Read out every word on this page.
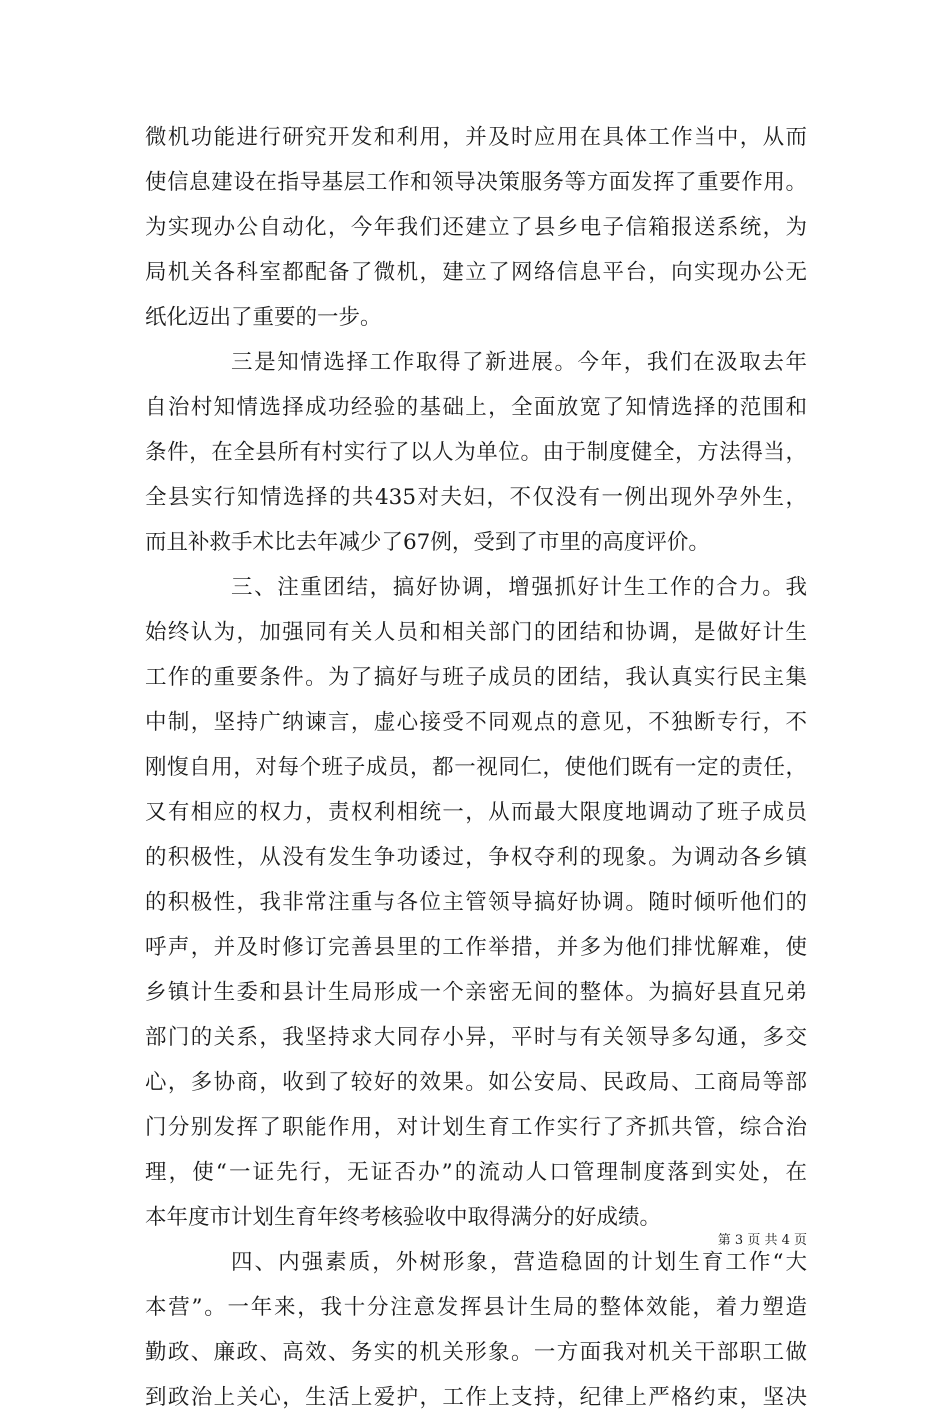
微机功能进行研究开发和利用，并及时应用在具体工作当中，从而
使信息建设在指导基层工作和领导决策服务等方面发挥了重要作用。
为实现办公自动化，今年我们还建立了县乡电子信箱报送系统，为
局机关各科室都配备了微机，建立了网络信息平台，向实现办公无
纸化迈出了重要的一步。
三是知情选择工作取得了新进展。今年，我们在汲取去年
自治村知情选择成功经验的基础上，全面放宽了知情选择的范围和
条件，在全县所有村实行了以人为单位。由于制度健全，方法得当，
全县实行知情选择的共435对夫妇，不仅没有一例出现外孕外生，
而且补救手术比去年减少了67例，受到了市里的高度评价。
三、注重团结，搞好协调，增强抓好计生工作的合力。我
始终认为，加强同有关人员和相关部门的团结和协调，是做好计生
工作的重要条件。为了搞好与班子成员的团结，我认真实行民主集
中制，坚持广纳谏言，虚心接受不同观点的意见，不独断专行，不
刚愎自用，对每个班子成员，都一视同仁，使他们既有一定的责任，
又有相应的权力，责权利相统一，从而最大限度地调动了班子成员
的积极性，从没有发生争功诿过，争权夺利的现象。为调动各乡镇
的积极性，我非常注重与各位主管领导搞好协调。随时倾听他们的
呼声，并及时修订完善县里的工作举措，并多为他们排忧解难，使
乡镇计生委和县计生局形成一个亲密无间的整体。为搞好县直兄弟
部门的关系，我坚持求大同存小异，平时与有关领导多勾通，多交
心，多协商，收到了较好的效果。如公安局、民政局、工商局等部
门分别发挥了职能作用，对计划生育工作实行了齐抓共管，综合治
理，使“一证先行，无证否办”的流动人口管理制度落到实处，在
本年度市计划生育年终考核验收中取得满分的好成绩。
四、内强素质，外树形象，营造稳固的计划生育工作“大
本营”。一年来，我十分注意发挥县计生局的整体效能，着力塑造
勤政、廉政、高效、务实的机关形象。一方面我对机关干部职工做
到政治上关心，生活上爱护，工作上支持，纪律上严格约束，坚决
第 3 页 共 4 页
